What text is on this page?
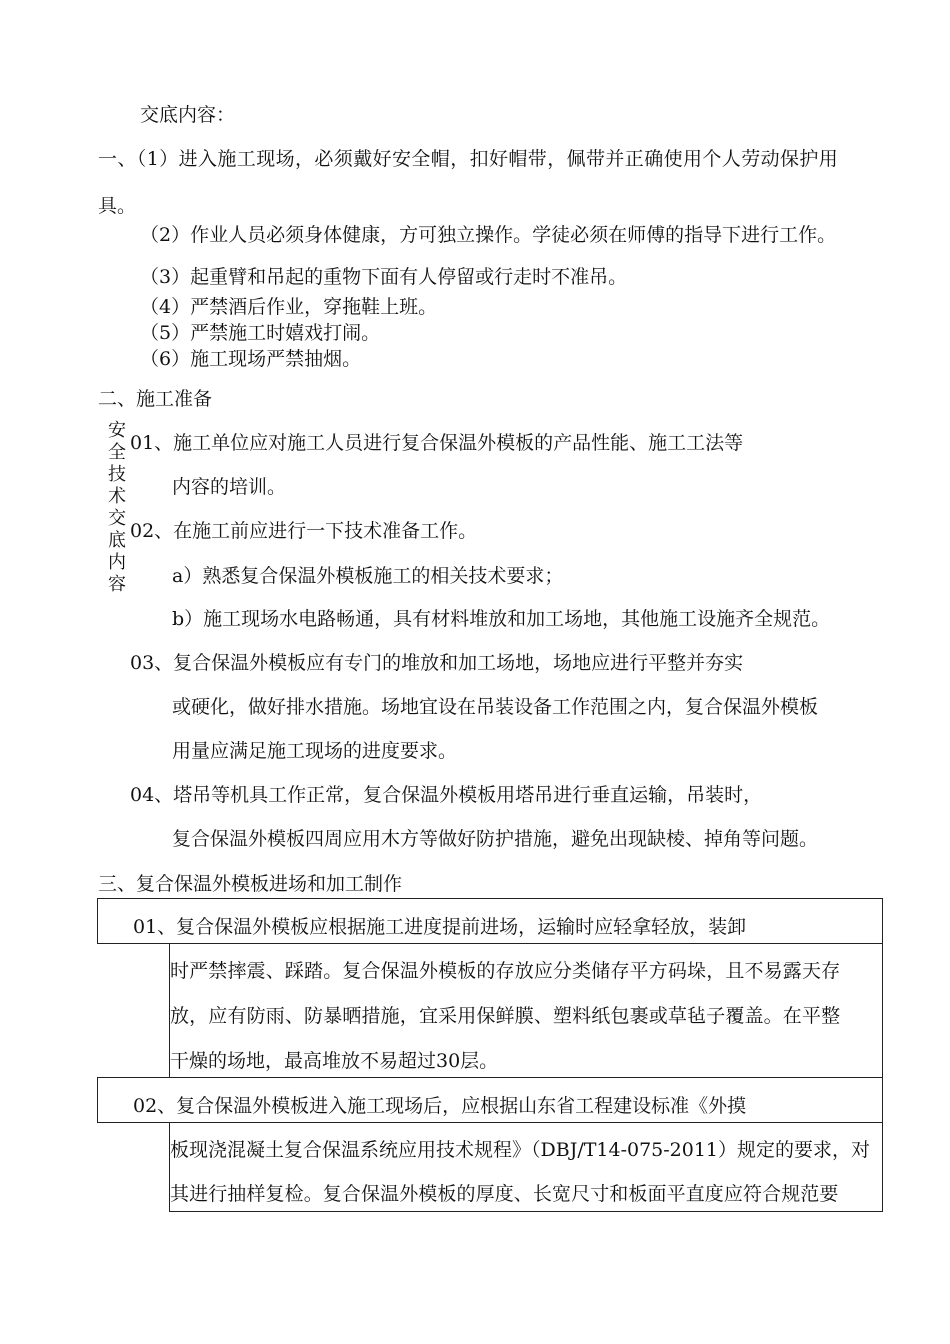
交底内容：
一、（1）进入施工现场，必须戴好安全帽，扣好帽带，佩带并正确使用个人劳动保护用
具。
（2）作业人员必须身体健康，方可独立操作。学徒必须在师傅的指导下进行工作。
（3）起重臂和吊起的重物下面有人停留或行走时不准吊。
（4）严禁酒后作业，穿拖鞋上班。
（5）严禁施工时嬉戏打闹。
（6）施工现场严禁抽烟。
二、施工准备
安
全
技
术
交
底
内
容
01、施工单位应对施工人员进行复合保温外模板的产品性能、施工工法等
内容的培训。
02、在施工前应进行一下技术准备工作。
a）熟悉复合保温外模板施工的相关技术要求；
b）施工现场水电路畅通，具有材料堆放和加工场地，其他施工设施齐全规范。
03、复合保温外模板应有专门的堆放和加工场地，场地应进行平整并夯实
或硬化，做好排水措施。场地宜设在吊装设备工作范围之内，复合保温外模板
用量应满足施工现场的进度要求。
04、塔吊等机具工作正常，复合保温外模板用塔吊进行垂直运输，吊装时，
复合保温外模板四周应用木方等做好防护措施，避免出现缺棱、掉角等问题。
三、复合保温外模板进场和加工制作
01、复合保温外模板应根据施工进度提前进场，运输时应轻拿轻放，装卸
时严禁摔震、踩踏。复合保温外模板的存放应分类储存平方码垛，且不易露天存
放，应有防雨、防暴晒措施，宜采用保鲜膜、塑料纸包裹或草毡子覆盖。在平整
干燥的场地，最高堆放不易超过30层。
02、复合保温外模板进入施工现场后，应根据山东省工程建设标准《外摸
板现浇混凝土复合保温系统应用技术规程》（DBJ/T14-075-2011）规定的要求，对
其进行抽样复检。复合保温外模板的厚度、长宽尺寸和板面平直度应符合规范要
